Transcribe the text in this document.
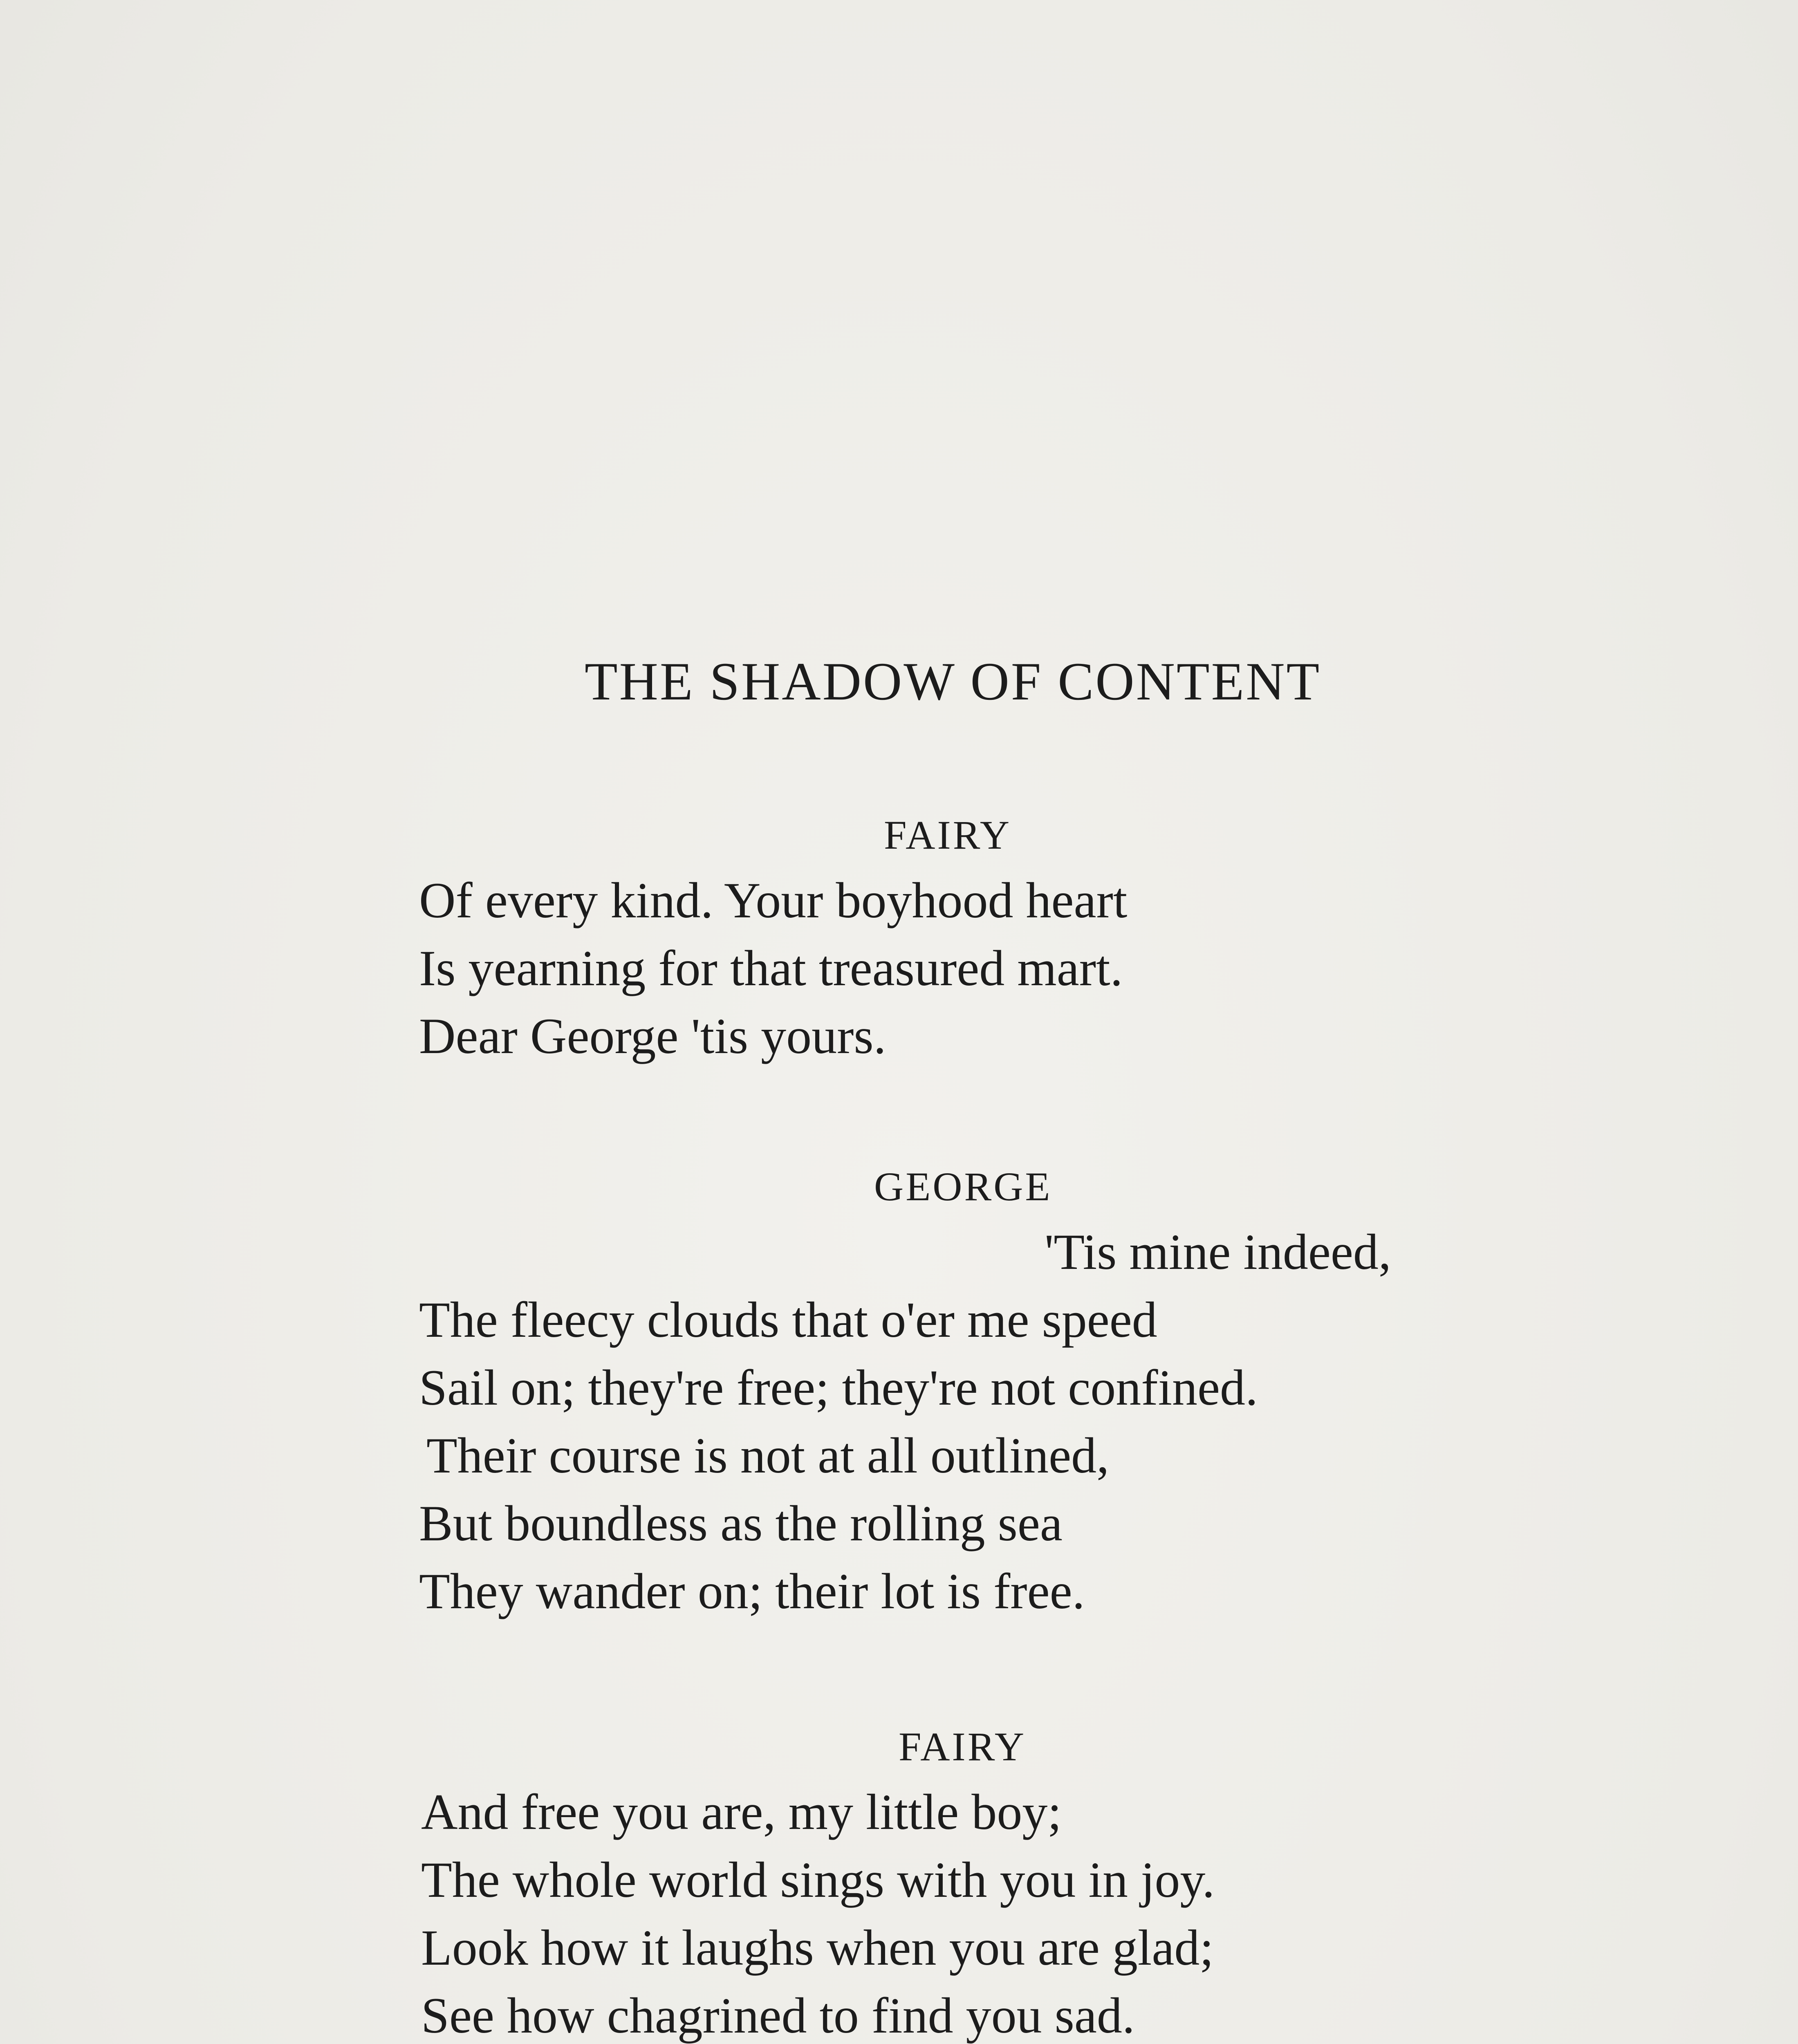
THE SHADOW OF CONTENT
FAIRY
Of every kind. Your boyhood heart
Is yearning for that treasured mart.
Dear George 'tis yours.
GEORGE
'Tis mine indeed,
The fleecy clouds that o'er me speed
Sail on; they're free; they're not confined.
Their course is not at all outlined,
But boundless as the rolling sea
They wander on; their lot is free.
FAIRY
And free you are, my little boy;
The whole world sings with you in joy.
Look how it laughs when you are glad;
See how chagrined to find you sad.
